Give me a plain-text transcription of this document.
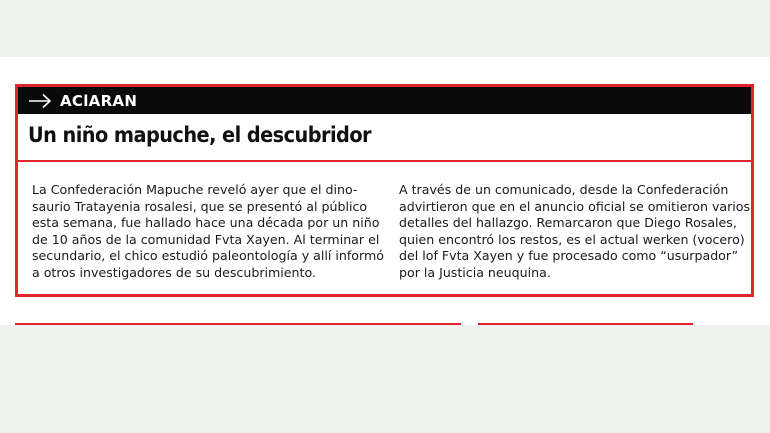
AClARAN
Un niño mapuche, el descubridor
La Confederación Mapuche reveló ayer que el dino-
saurio Tratayenia rosalesi, que se presentó al público
esta semana, fue hallado hace una década por un niño
de 10 años de la comunidad Fvta Xayen. Al terminar el
secundario, el chico estudió paleontología y allí informó
a otros investigadores de su descubrimiento.
A través de un comunicado, desde la Confederación
advirtieron que en el anuncio oficial se omitieron varios
detalles del hallazgo. Remarcaron que Diego Rosales,
quien encontró los restos, es el actual werken (vocero)
del lof Fvta Xayen y fue procesado como “usurpador”
por la Justicia neuquina.
